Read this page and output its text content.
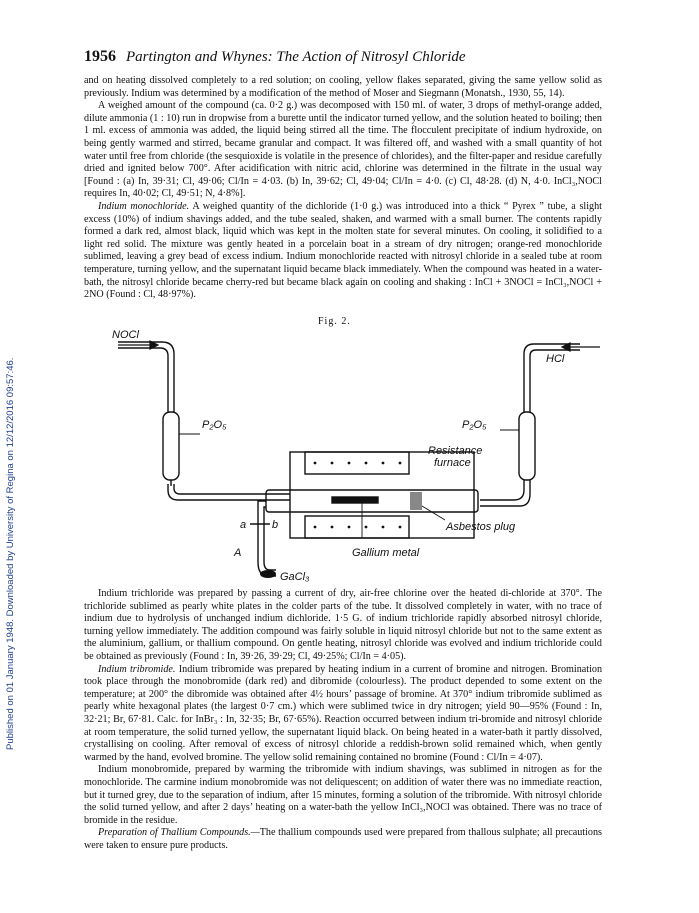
Published on 01 January 1948. Downloaded by University of Regina on 12/12/2016 09:57:46.
1956 Partington and Whynes: The Action of Nitrosyl Chloride

and on heating dissolved completely to a red solution; on cooling, yellow flakes separated, giving the same yellow solid as previously. Indium was determined by a modification of the method of Moser and Siegmann (Monatsh., 1930, 55, 14).

A weighed amount of the compound (ca. 0·2 g.) was decomposed with 150 ml. of water, 3 drops of methyl-orange added, dilute ammonia (1 : 10) run in dropwise from a burette until the indicator turned yellow, and the solution heated to boiling; then 1 ml. excess of ammonia was added, the liquid being stirred all the time. The flocculent precipitate of indium hydroxide, on being gently warmed and stirred, became granular and compact. It was filtered off, and washed with a small quantity of hot water until free from chloride (the sesquioxide is volatile in the presence of chlorides), and the filter-paper and residue carefully dried and ignited below 700°. After acidification with nitric acid, chlorine was determined in the filtrate in the usual way [Found : (a) In, 39·31; Cl, 49·06; Cl/In = 4·03. (b) In, 39·62; Cl, 49·04; Cl/In = 4·0. (c) Cl, 48·28. (d) N, 4·0. InCl₃,NOCl requires In, 40·02; Cl, 49·51; N, 4·8%].

Indium monochloride. A weighed quantity of the dichloride (1·0 g.) was introduced into a thick “ Pyrex ” tube, a slight excess (10%) of indium shavings added, and the tube sealed, shaken, and warmed with a small burner. The contents rapidly formed a dark red, almost black, liquid which was kept in the molten state for several minutes. On cooling, it solidified to a light red solid. The mixture was gently heated in a porcelain boat in a stream of dry nitrogen; orange-red monochloride sublimed, leaving a grey bead of excess indium. Indium monochloride reacted with nitrosyl chloride in a sealed tube at room temperature, turning yellow, and the supernatant liquid became black immediately. When the compound was heated in a water-bath, the nitrosyl chloride became cherry-red but became black again on cooling and shaking : InCl + 3NOCl = InCl₃,NOCl + 2NO (Found : Cl, 48·97%).

Fig. 2.
NOCl
HCl
P₂O₅	P₂O₅
Resistance
furnace
Asbestos plug
Gallium metal
a b
A
GaCl₃

Indium trichloride was prepared by passing a current of dry, air-free chlorine over the heated di-chloride at 370°. The trichloride sublimed as pearly white plates in the colder parts of the tube. It dissolved completely in water, with no trace of indium due to hydrolysis of unchanged indium dichloride. 1·5 G. of indium trichloride rapidly absorbed nitrosyl chloride, turning yellow immediately. The addition compound was fairly soluble in liquid nitrosyl chloride but not to the same extent as the aluminium, gallium, or thallium compound. On gentle heating, nitrosyl chloride was evolved and indium trichloride could be obtained as previously (Found : In, 39·26, 39·29; Cl, 49·25%; Cl/In = 4·05).

Indium tribromide. Indium tribromide was prepared by heating indium in a current of bromine and nitrogen. Bromination took place through the monobromide (dark red) and dibromide (colourless). The product depended to some extent on the temperature; at 200° the dibromide was obtained after 4½ hours’ passage of bromine. At 370° indium tribromide sublimed as pearly white hexagonal plates (the largest 0·7 cm.) which were sublimed twice in dry nitrogen; yield 90—95% (Found : In, 32·21; Br, 67·81. Calc. for InBr₃ : In, 32·35; Br, 67·65%). Reaction occurred between indium tri-bromide and nitrosyl chloride at room temperature, the solid turned yellow, the supernatant liquid black. On being heated in a water-bath it partly dissolved, crystallising on cooling. After removal of excess of nitrosyl chloride a reddish-brown solid remained which, when gently warmed by the hand, evolved bromine. The yellow solid remaining contained no bromine (Found : Cl/In = 4·07).

Indium monobromide, prepared by warming the tribromide with indium shavings, was sublimed in nitrogen as for the monochloride. The carmine indium monobromide was not deliquescent; on addition of water there was no immediate reaction, but it turned grey, due to the separation of indium, after 15 minutes, forming a solution of the tribromide. With nitrosyl chloride the solid turned yellow, and after 2 days’ heating on a water-bath the yellow InCl₃,NOCl was obtained. There was no trace of bromide in the residue.

Preparation of Thallium Compounds.—The thallium compounds used were prepared from thallous sulphate; all precautions were taken to ensure pure products.
